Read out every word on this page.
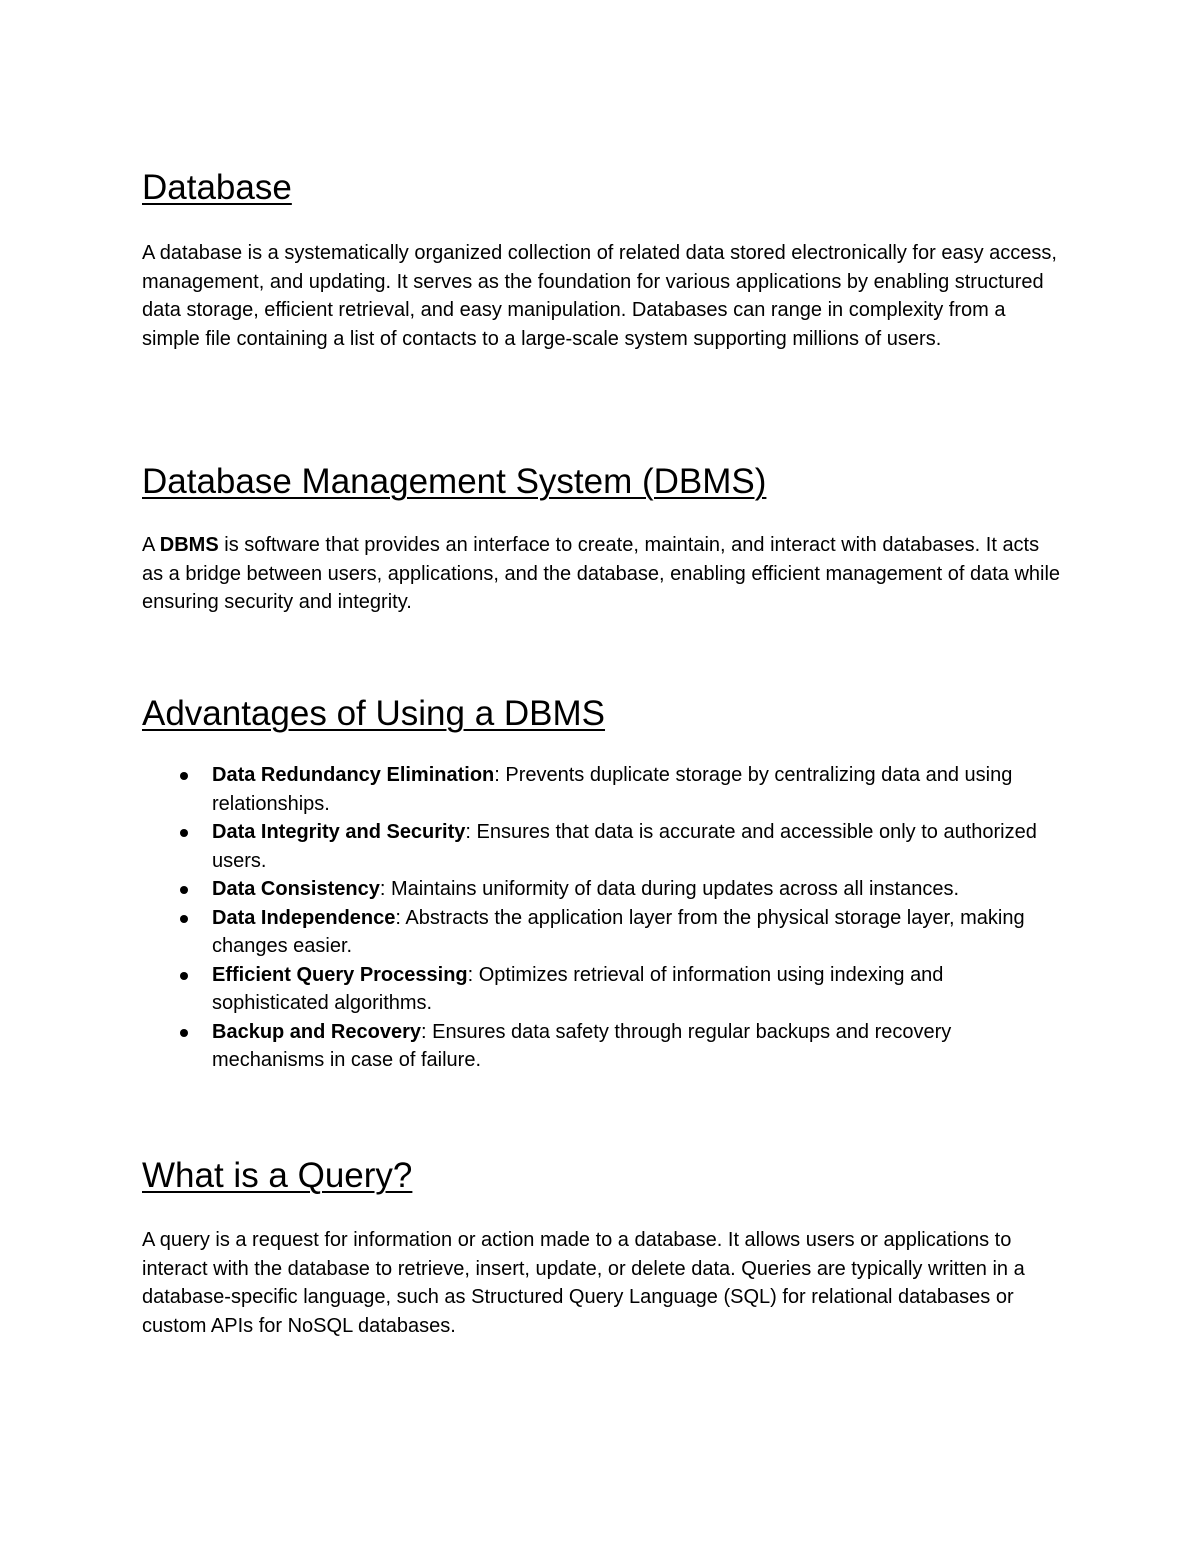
Database

A database is a systematically organized collection of related data stored electronically for easy access, management, and updating. It serves as the foundation for various applications by enabling structured data storage, efficient retrieval, and easy manipulation. Databases can range in complexity from a simple file containing a list of contacts to a large-scale system supporting millions of users.

Database Management System (DBMS)

A DBMS is software that provides an interface to create, maintain, and interact with databases. It acts as a bridge between users, applications, and the database, enabling efficient management of data while ensuring security and integrity.

Advantages of Using a DBMS
Data Redundancy Elimination: Prevents duplicate storage by centralizing data and using relationships.
Data Integrity and Security: Ensures that data is accurate and accessible only to authorized users.
Data Consistency: Maintains uniformity of data during updates across all instances.
Data Independence: Abstracts the application layer from the physical storage layer, making changes easier.
Efficient Query Processing: Optimizes retrieval of information using indexing and sophisticated algorithms.
Backup and Recovery: Ensures data safety through regular backups and recovery mechanisms in case of failure.
What is a Query?

A query is a request for information or action made to a database. It allows users or applications to interact with the database to retrieve, insert, update, or delete data. Queries are typically written in a database-specific language, such as Structured Query Language (SQL) for relational databases or custom APIs for NoSQL databases.
